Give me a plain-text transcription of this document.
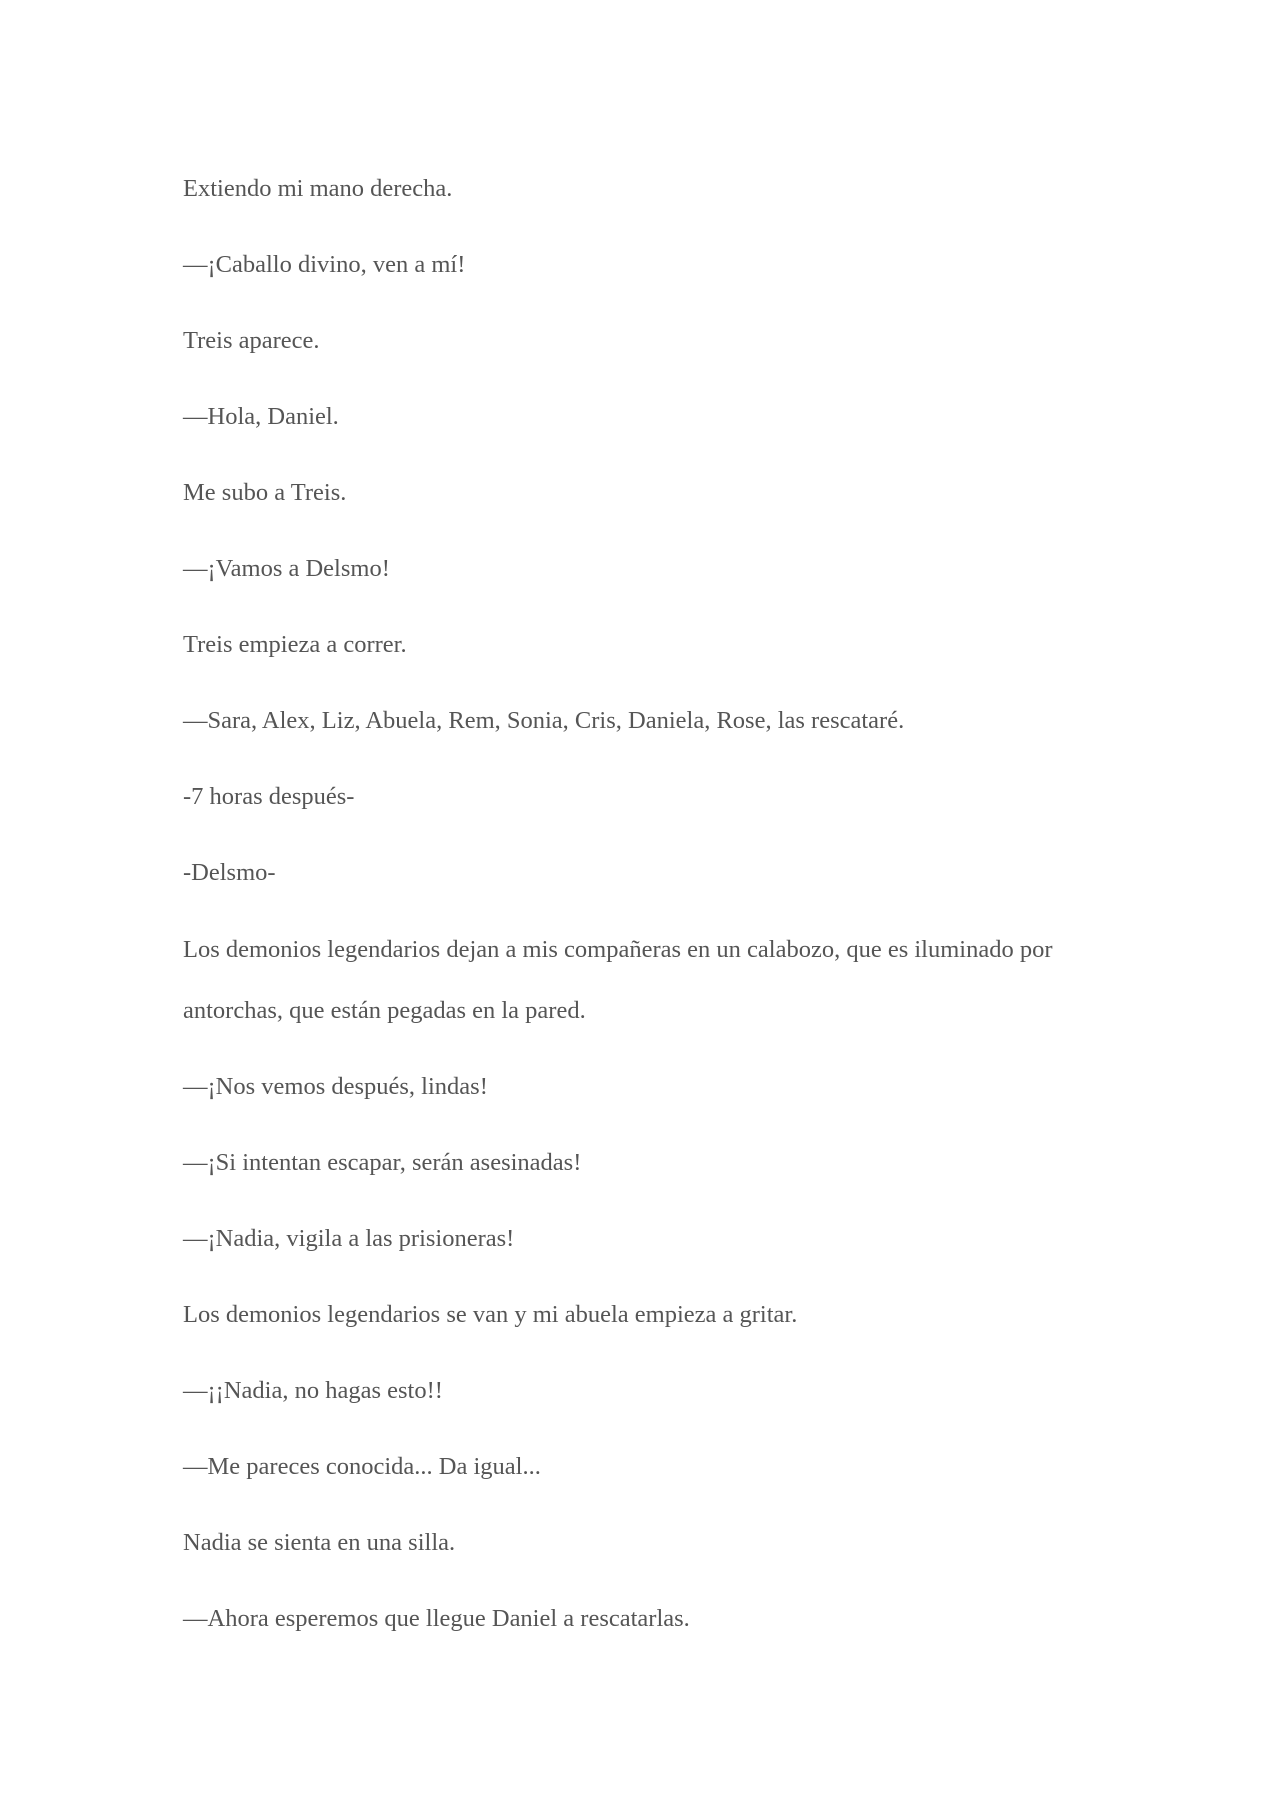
Extiendo mi mano derecha.

—¡Caballo divino, ven a mí!

Treis aparece.

—Hola, Daniel.

Me subo a Treis.

—¡Vamos a Delsmo!

Treis empieza a correr.

—Sara, Alex, Liz, Abuela, Rem, Sonia, Cris, Daniela, Rose, las rescataré.

-7 horas después-

-Delsmo-

Los demonios legendarios dejan a mis compañeras en un calabozo, que es iluminado por antorchas, que están pegadas en la pared.

—¡Nos vemos después, lindas!

—¡Si intentan escapar, serán asesinadas!

—¡Nadia, vigila a las prisioneras!

Los demonios legendarios se van y mi abuela empieza a gritar.

—¡¡Nadia, no hagas esto!!

—Me pareces conocida... Da igual...

Nadia se sienta en una silla.

—Ahora esperemos que llegue Daniel a rescatarlas.
